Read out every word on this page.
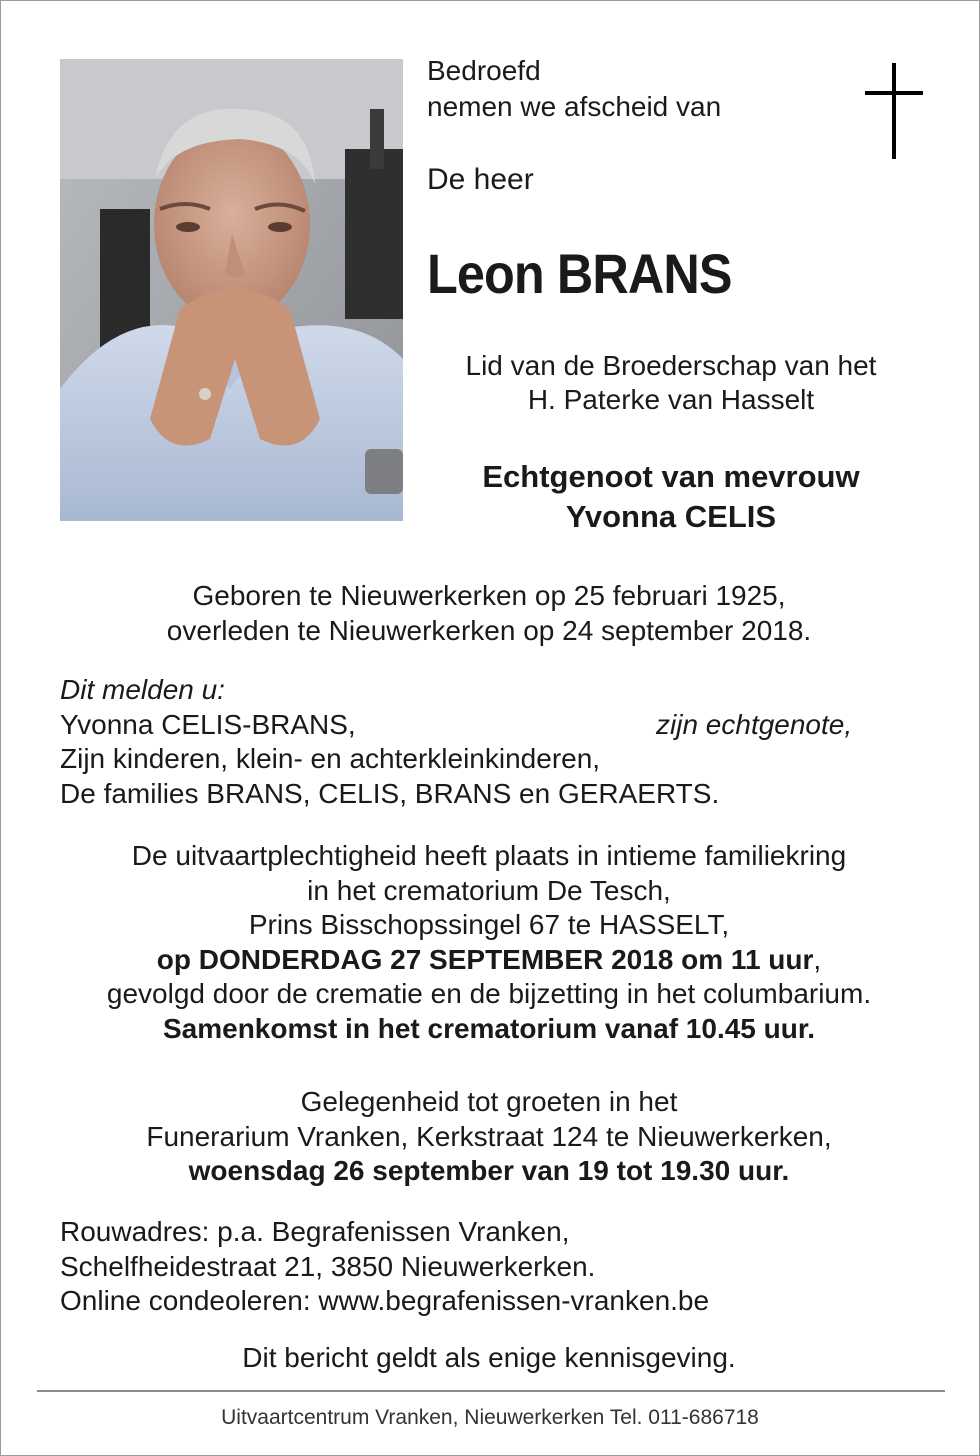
Bedroefd
nemen we afscheid van
De heer
Leon BRANS
Lid van de Broederschap van het
H. Paterke van Hasselt
Echtgenoot van mevrouw
Yvonna CELIS
Geboren te Nieuwerkerken op 25 februari 1925,
overleden te Nieuwerkerken op 24 september 2018.
Dit melden u:
Yvonna CELIS-BRANS,	zijn echtgenote,
Zijn kinderen, klein- en achterkleinkinderen,
De families BRANS, CELIS, BRANS en GERAERTS.
De uitvaartplechtigheid heeft plaats in intieme familiekring
in het crematorium De Tesch,
Prins Bisschopssingel 67 te HASSELT,
op DONDERDAG 27 SEPTEMBER 2018 om 11 uur,
gevolgd door de crematie en de bijzetting in het columbarium.
Samenkomst in het crematorium vanaf 10.45 uur.
Gelegenheid tot groeten in het
Funerarium Vranken, Kerkstraat 124 te Nieuwerkerken,
woensdag 26 september van 19 tot 19.30 uur.
Rouwadres: p.a. Begrafenissen Vranken,
Schelfheidestraat 21, 3850 Nieuwerkerken.
Online condeoleren: www.begrafenissen-vranken.be
Dit bericht geldt als enige kennisgeving.
Uitvaartcentrum Vranken, Nieuwerkerken Tel. 011-686718
